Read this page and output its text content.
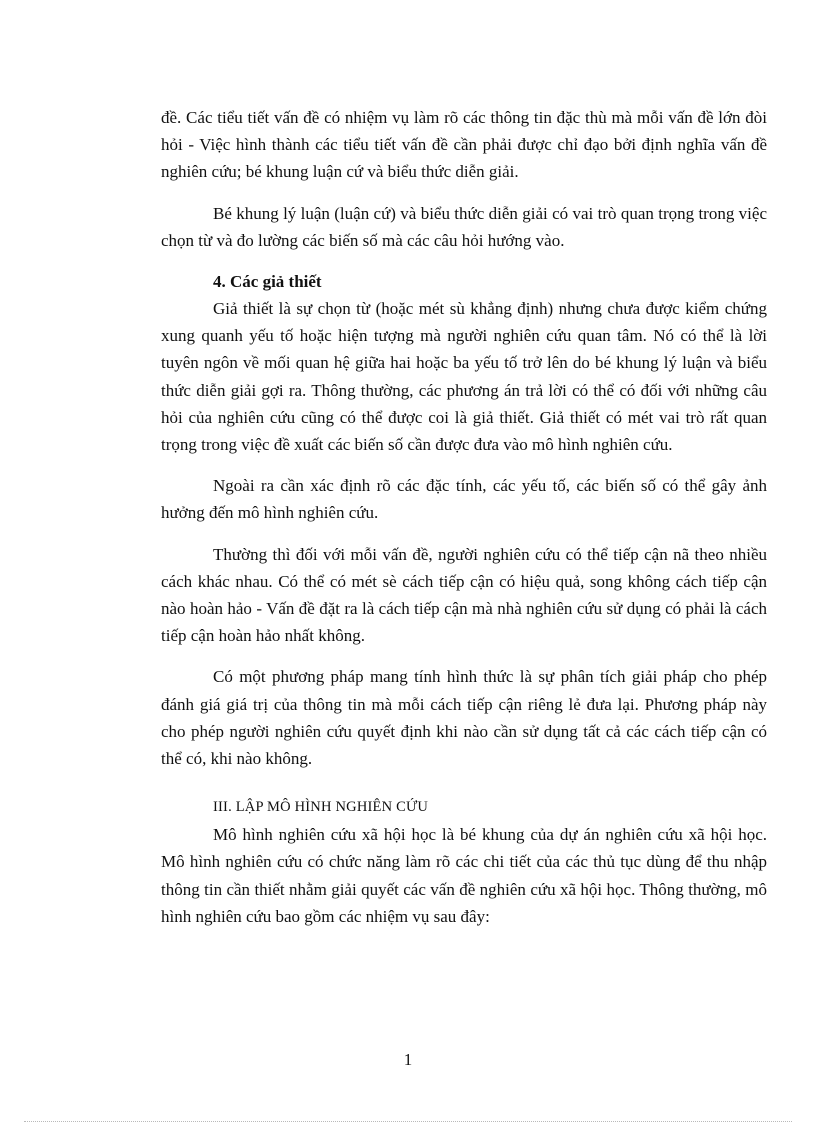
đề. Các tiểu tiết vấn đề có nhiệm vụ làm rõ các thông tin đặc thù mà mỗi vấn đề lớn đòi hỏi - Việc hình thành các tiểu tiết vấn đề cần phải được chỉ đạo bởi định nghĩa vấn đề nghiên cứu; bé khung luận cứ và biểu thức diễn giải.

Bé khung lý luận (luận cứ) và biểu thức diễn giải có vai trò quan trọng trong việc chọn từ và đo lường các biến số mà các câu hỏi hướng vào.

4. Các giả thiết

Giả thiết là sự chọn từ (hoặc mét sù khẳng định) nhưng chưa được kiểm chứng xung quanh yếu tố hoặc hiện tượng mà người nghiên cứu quan tâm. Nó có thể là lời tuyên ngôn về mối quan hệ giữa hai hoặc ba yếu tố trở lên do bé khung lý luận và biểu thức diễn giải gợi ra. Thông thường, các phương án trả lời có thể có đối với những câu hỏi của nghiên cứu cũng có thể được coi là giả thiết. Giả thiết có mét vai trò rất quan trọng trong việc đề xuất các biến số cần được đưa vào mô hình nghiên cứu.

Ngoài ra cần xác định rõ các đặc tính, các yếu tố, các biến số có thể gây ảnh hưởng đến mô hình nghiên cứu.

Thường thì đối với mỗi vấn đề, người nghiên cứu có thể tiếp cận nã theo nhiều cách khác nhau. Có thể có mét sè cách tiếp cận có hiệu quả, song không cách tiếp cận nào hoàn hảo - Vấn đề đặt ra là cách tiếp cận mà nhà nghiên cứu sử dụng có phải là cách tiếp cận hoàn hảo nhất không.

Có một phương pháp mang tính hình thức là sự phân tích giải pháp cho phép đánh giá giá trị của thông tin mà mỗi cách tiếp cận riêng lẻ đưa lại. Phương pháp này cho phép người nghiên cứu quyết định khi nào cần sử dụng tất cả các cách tiếp cận có thể có, khi nào không.

III. LẬP MÔ HÌNH NGHIÊN CỨU

Mô hình nghiên cứu xã hội học là bé khung của dự án nghiên cứu xã hội học. Mô hình nghiên cứu có chức năng làm rõ các chi tiết của các thủ tục dùng để thu nhập thông tin cần thiết nhằm giải quyết các vấn đề nghiên cứu xã hội học. Thông thường, mô hình nghiên cứu bao gồm các nhiệm vụ sau đây:

1
